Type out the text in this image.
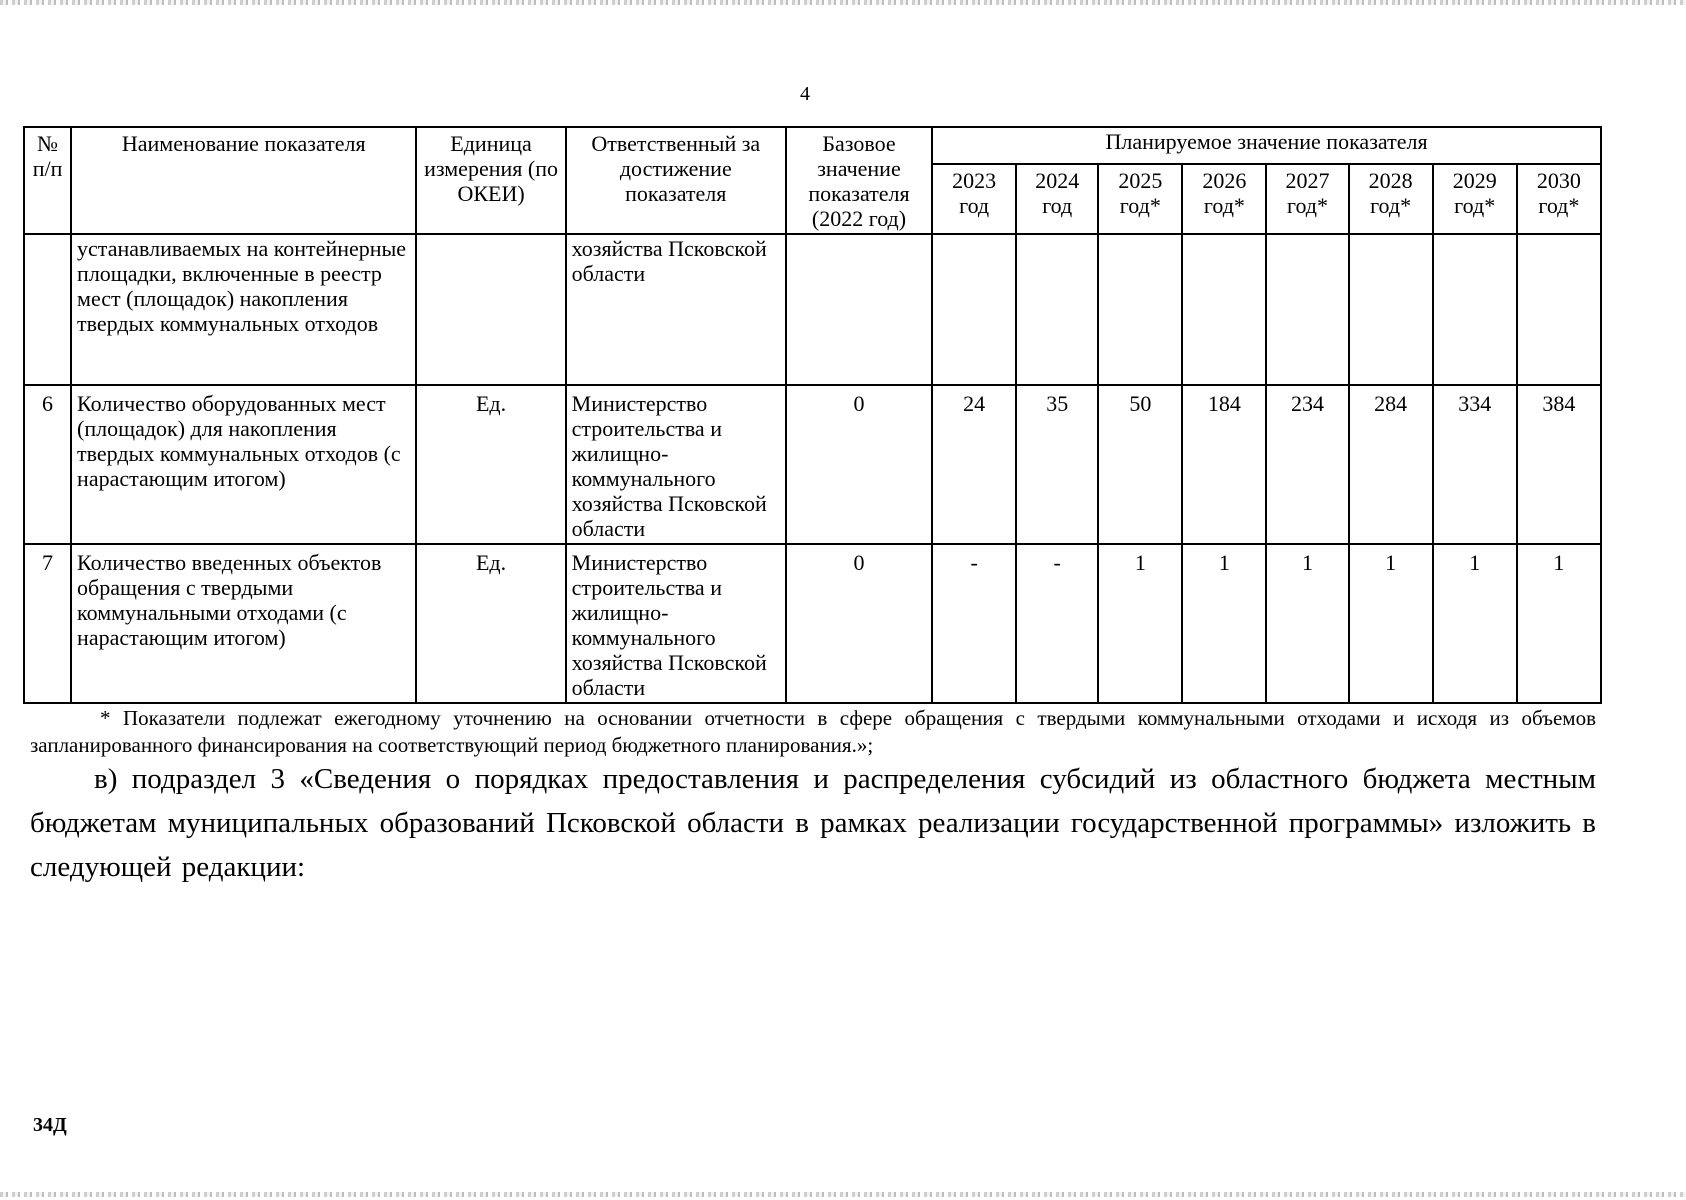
4
№ п/п	Наименование показателя	Единица измерения (по ОКЕИ)	Ответственный за достижение показателя	Базовое значение показателя (2022 год)	Планируемое значение показателя							
					2023 год	2024 год	2025 год*	2026 год*	2027 год*	2028 год*	2029 год*	2030 год*
	устанавливаемых на контейнерные площадки, включенные в реестр мест (площадок) накопления твердых коммунальных отходов		хозяйства Псковской области									
6	Количество оборудованных мест (площадок) для накопления твердых коммунальных отходов (с нарастающим итогом)	Ед.	Министерство строительства и жилищно-коммунального хозяйства Псковской области	0	24	35	50	184	234	284	334	384
7	Количество введенных объектов обращения с твердыми коммунальными отходами (с нарастающим итогом)	Ед.	Министерство строительства и жилищно-коммунального хозяйства Псковской области	0	-	-	1	1	1	1	1	1
* Показатели подлежат ежегодному уточнению на основании отчетности в сфере обращения с твердыми коммунальными отходами и исходя из объемов запланированного финансирования на соответствующий период бюджетного планирования.»;
в) подраздел 3 «Сведения о порядках предоставления и распределения субсидий из областного бюджета местным бюджетам муниципальных образований Псковской области в рамках реализации государственной программы» изложить в следующей редакции:
34Д
